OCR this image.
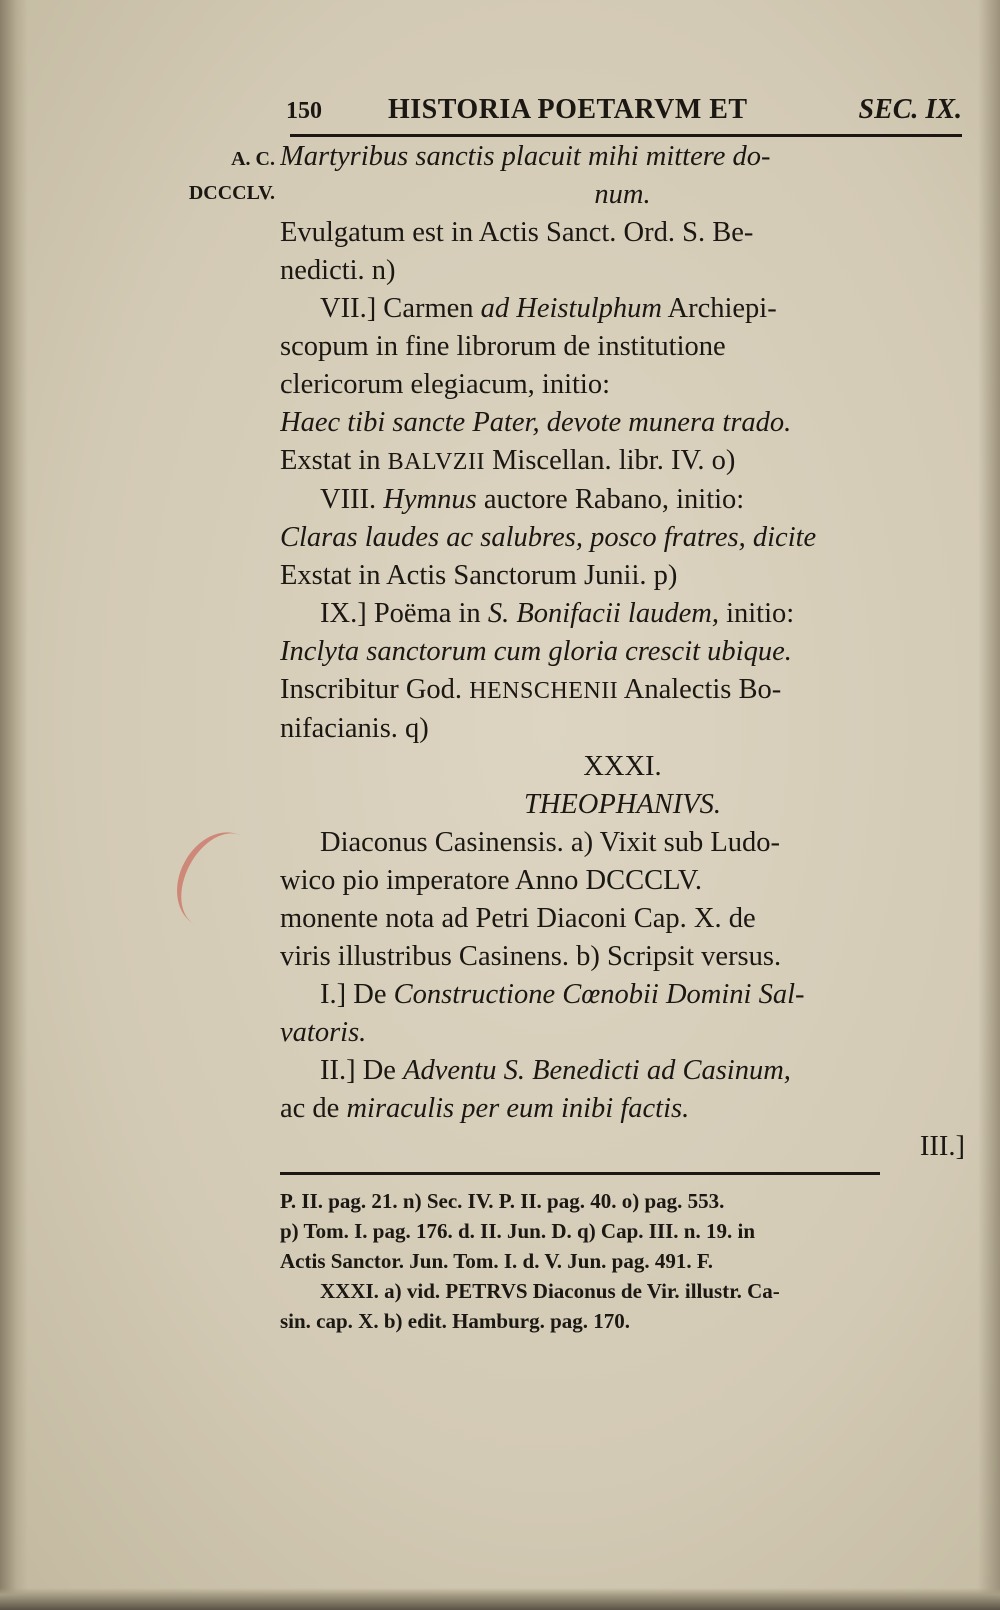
150 HISTORIA POETARVM ET	SEC. IX.
A. C.
DCCCLV.
Martyribus sanctis placuit mihi mittere do-
num.
Evulgatum est in Actis Sanct. Ord. S. Be-
nedicti. n)
VII.] Carmen ad Heistulphum Archiepi-
scopum in fine librorum de institutione
clericorum elegiacum, initio:
Haec tibi sancte Pater, devote munera trado.
Exstat in BALVZII Miscellan. libr. IV. o)
VIII. Hymnus auctore Rabano, initio:
Claras laudes ac salubres, posco fratres, dicite
Exstat in Actis Sanctorum Junii. p)
IX.] Poëma in S. Bonifacii laudem, initio:
Inclyta sanctorum cum gloria crescit ubique.
Inscribitur God. HENSCHENII Analectis Bo-
nifacianis. q)
XXXI.
THEOPHANIVS.
Diaconus Casinensis. a) Vixit sub Ludo-
wico pio imperatore Anno DCCCLV.
monente nota ad Petri Diaconi Cap. X. de
viris illustribus Casinens. b) Scripsit versus.
I.] De Constructione Cœnobii Domini Sal-
vatoris.
II.] De Adventu S. Benedicti ad Casinum,
ac de miraculis per eum inibi factis.
III.]
P. II. pag. 21. n) Sec. IV. P. II. pag. 40. o) pag. 553.
p) Tom. I. pag. 176. d. II. Jun. D. q) Cap. III. n. 19. in
Actis Sanctor. Jun. Tom. I. d. V. Jun. pag. 491. F.
XXXI. a) vid. PETRVS Diaconus de Vir. illustr. Ca-
sin. cap. X. b) edit. Hamburg. pag. 170.
